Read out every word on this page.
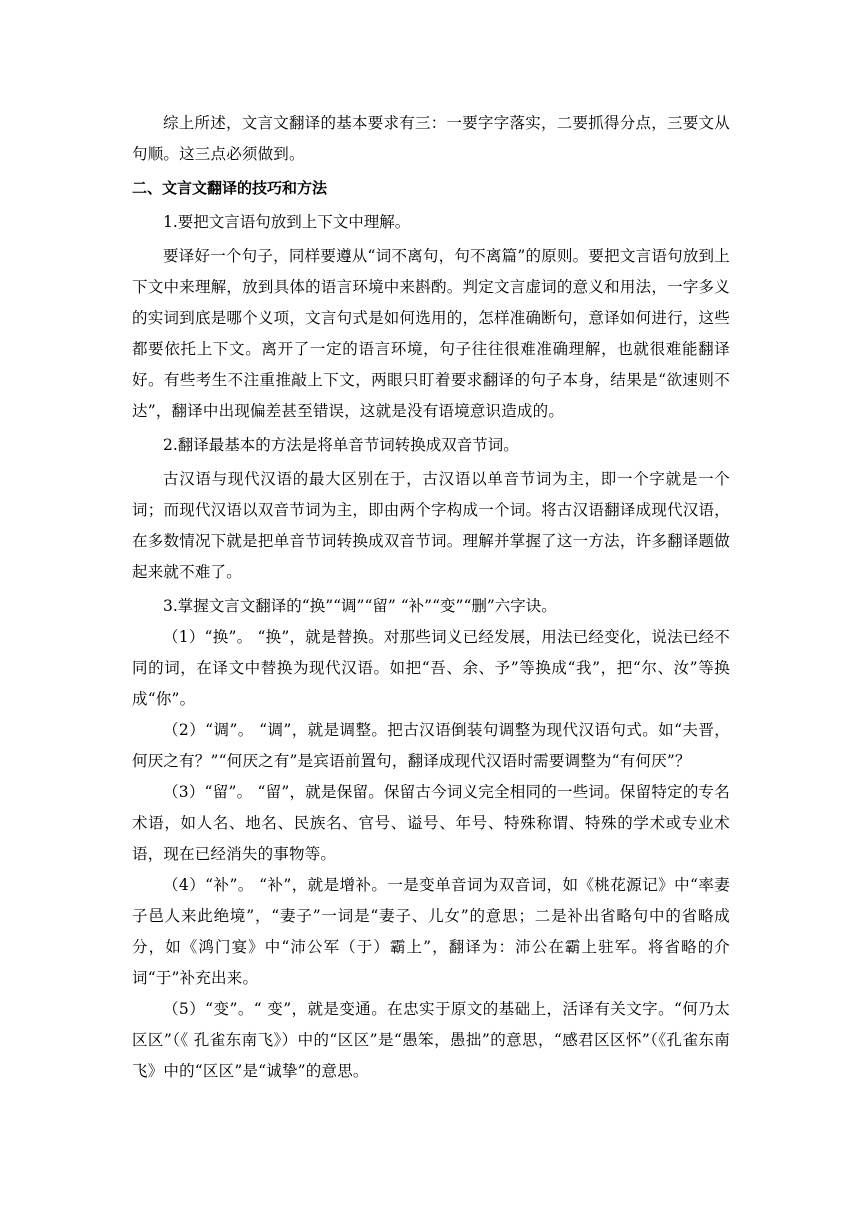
综上所述，文言文翻译的基本要求有三：一要字字落实，二要抓得分点，三要文从句顺。这三点必须做到。

二、文言文翻译的技巧和方法

1.要把文言语句放到上下文中理解。

要译好一个句子，同样要遵从“词不离句，句不离篇”的原则。要把文言语句放到上下文中来理解，放到具体的语言环境中来斟酌。判定文言虚词的意义和用法，一字多义的实词到底是哪个义项，文言句式是如何选用的，怎样准确断句，意译如何进行，这些都要依托上下文。离开了一定的语言环境，句子往往很难准确理解，也就很难能翻译好。有些考生不注重推敲上下文，两眼只盯着要求翻译的句子本身，结果是“欲速则不达”，翻译中出现偏差甚至错误，这就是没有语境意识造成的。

2.翻译最基本的方法是将单音节词转换成双音节词。

古汉语与现代汉语的最大区别在于，古汉语以单音节词为主，即一个字就是一个词；而现代汉语以双音节词为主，即由两个字构成一个词。将古汉语翻译成现代汉语，在多数情况下就是把单音节词转换成双音节词。理解并掌握了这一方法，许多翻译题做起来就不难了。

3.掌握文言文翻译的“换”“调”“留” “补”“变”“删”六字诀。

（1）“换”。 “换”，就是替换。对那些词义已经发展，用法已经变化，说法已经不同的词，在译文中替换为现代汉语。如把“吾、余、予”等换成“我”，把“尔、汝”等换成“你”。

（2）“调”。 “调”，就是调整。把古汉语倒装句调整为现代汉语句式。如“夫晋，何厌之有？”“何厌之有”是宾语前置句，翻译成现代汉语时需要调整为“有何厌”？

（3）“留”。 “留”，就是保留。保留古今词义完全相同的一些词。保留特定的专名术语，如人名、地名、民族名、官号、谥号、年号、特殊称谓、特殊的学术或专业术语，现在已经消失的事物等。

（4）“补”。 “补”，就是增补。一是变单音词为双音词，如《桃花源记》中“率妻子邑人来此绝境”，“妻子”一词是“妻子、儿女”的意思；二是补出省略句中的省略成分，如《鸿门宴》中“沛公军（于）霸上”，翻译为：沛公在霸上驻军。将省略的介词“于”补充出来。

（5）“变”。“ 变”，就是变通。在忠实于原文的基础上，活译有关文字。“何乃太区区”（《 孔雀东南飞》）中的“区区”是“愚笨，愚拙”的意思，“感君区区怀”（《孔雀东南飞》中的“区区”是“诚挚”的意思。
